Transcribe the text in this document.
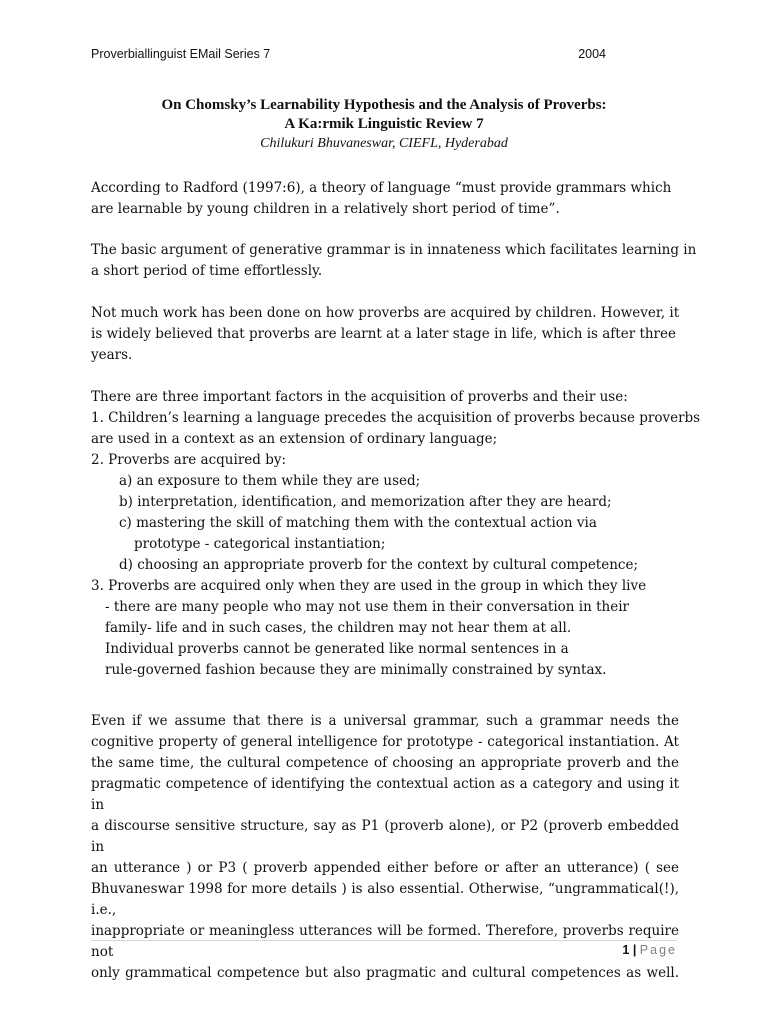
Proverbiallinguist EMail Series 7	2004
On Chomsky’s Learnability Hypothesis and the Analysis of Proverbs:
A Ka:rmik Linguistic Review 7
Chilukuri Bhuvaneswar, CIEFL, Hyderabad
According to Radford (1997:6), a theory of language “must provide grammars which
are learnable by young children in a relatively short period of time”.
The basic argument of generative grammar is in innateness which facilitates learning in
a short period of time effortlessly.
Not much work has been done on how proverbs are acquired by children. However, it
is widely believed that proverbs are learnt at a later stage in life, which is after three
years.
There are three important factors in the acquisition of proverbs and their use:
1. Children’s learning a language precedes the acquisition of proverbs because proverbs
are used in a context as an extension of ordinary language;
2. Proverbs are acquired by:
a) an exposure to them while they are used;
b) interpretation, identification, and memorization after they are heard;
c) mastering the skill of matching them with the contextual action via
prototype - categorical instantiation;
d) choosing an appropriate proverb for the context by cultural competence;
3. Proverbs are acquired only when they are used in the group in which they live
- there are many people who may not use them in their conversation in their
family- life and in such cases, the children may not hear them at all.
Individual proverbs cannot be generated like normal sentences in a
rule-governed fashion because they are minimally constrained by syntax.

Even if we assume that there is a universal grammar, such a grammar needs the

cognitive property of general intelligence for prototype - categorical instantiation. At

the same time, the cultural competence of choosing an appropriate proverb and the

pragmatic competence of identifying the contextual action as a category and using it in

a discourse sensitive structure, say as P1 (proverb alone), or P2 (proverb embedded in

an utterance ) or P3 ( proverb appended either before or after an utterance) ( see

Bhuvaneswar 1998 for more details ) is also essential. Otherwise, “ungrammatical(!), i.e.,

inappropriate or meaningless utterances will be formed. Therefore, proverbs require not

only grammatical competence but also pragmatic and cultural competences as well.

1 | Page
